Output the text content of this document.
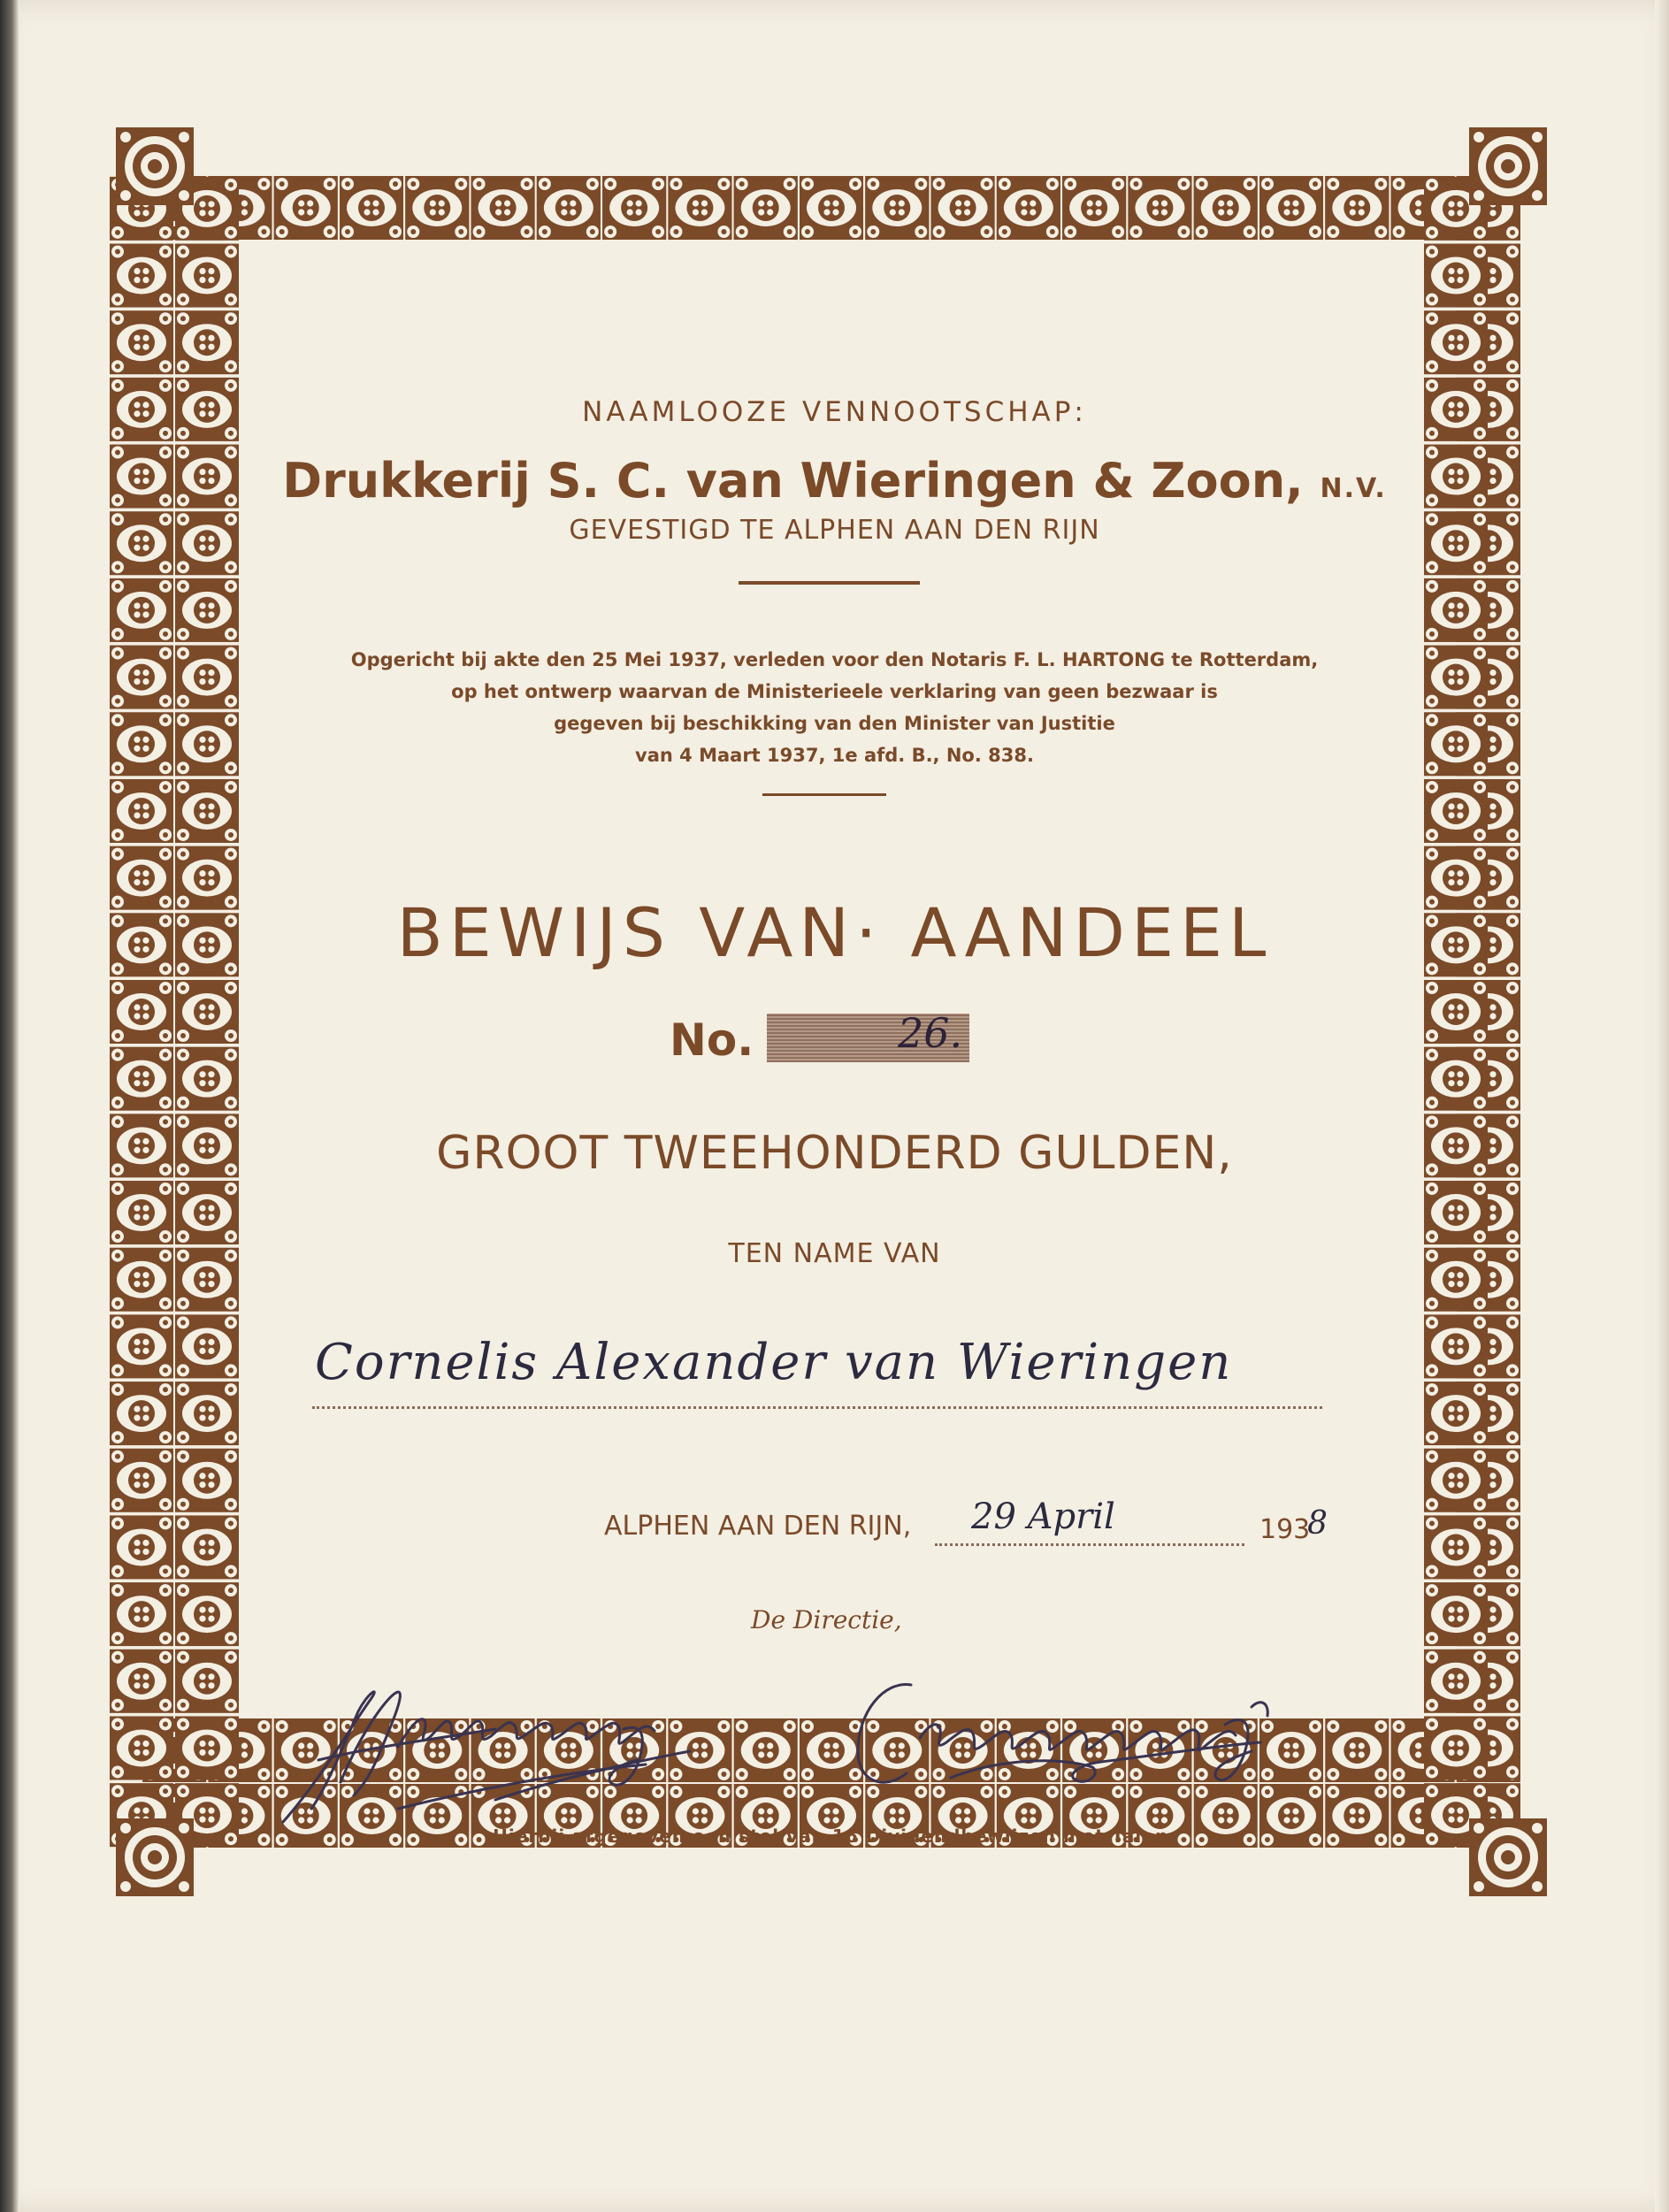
NAAMLOOZE VENNOOTSCHAP:
Drukkerij S. C. van Wieringen & Zoon, N.V.
GEVESTIGD TE ALPHEN AAN DEN RIJN
Opgericht bij akte den 25 Mei 1937, verleden voor den Notaris F. L. HARTONG te Rotterdam,
op het ontwerp waarvan de Ministerieele verklaring van geen bezwaar is
gegeven bij beschikking van den Minister van Justitie
van 4 Maart 1937, 1e afd. B., No. 838.
BEWIJS VAN· AANDEEL
No.	26.
GROOT TWEEHONDERD GULDEN,
TEN NAME VAN
Cornelis Alexander van Wieringen
ALPHEN AAN DEN RIJN, 29 April	193
8
De Directie,
Hierbij afgegeven een stel van 16 Dividendbewijzen met Talon.
